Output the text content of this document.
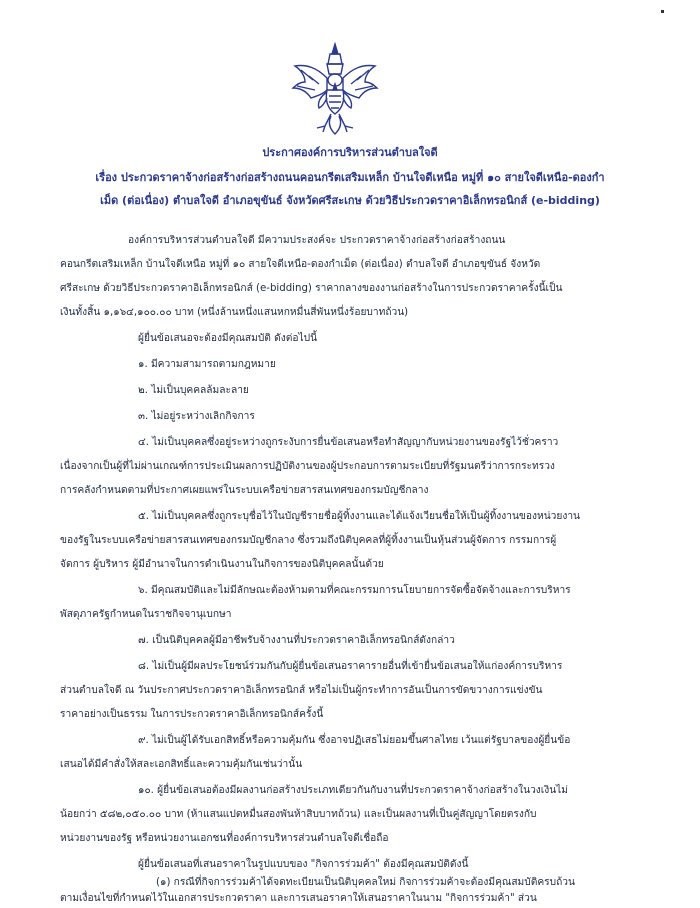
ประกาศองค์การบริหารส่วนตำบลใจดี
เรื่อง ประกวดราคาจ้างก่อสร้างก่อสร้างถนนคอนกรีตเสริมเหล็ก บ้านใจดีเหนือ หมู่ที่ ๑๐ สายใจดีเหนือ-ดองกำ
เม็ด (ต่อเนื่อง) ตำบลใจดี อำเภอขุขันธ์ จังหวัดศรีสะเกษ ด้วยวิธีประกวดราคาอิเล็กทรอนิกส์ (e-bidding)
องค์การบริหารส่วนตำบลใจดี มีความประสงค์จะ ประกวดราคาจ้างก่อสร้างก่อสร้างถนน
คอนกรีตเสริมเหล็ก บ้านใจดีเหนือ หมู่ที่ ๑๐ สายใจดีเหนือ-ดองกำเม็ด (ต่อเนื่อง) ตำบลใจดี อำเภอขุขันธ์ จังหวัด
ศรีสะเกษ ด้วยวิธีประกวดราคาอิเล็กทรอนิกส์ (e-bidding) ราคากลางของงานก่อสร้างในการประกวดราคาครั้งนี้เป็น
เงินทั้งสิ้น ๑,๑๖๔,๑๐๐.๐๐ บาท (หนึ่งล้านหนึ่งแสนหกหมื่นสี่พันหนึ่งร้อยบาทถ้วน)
ผู้ยื่นข้อเสนอจะต้องมีคุณสมบัติ ดังต่อไปนี้
๑. มีความสามารถตามกฎหมาย
๒. ไม่เป็นบุคคลล้มละลาย
๓. ไม่อยู่ระหว่างเลิกกิจการ
๔. ไม่เป็นบุคคลซึ่งอยู่ระหว่างถูกระงับการยื่นข้อเสนอหรือทำสัญญากับหน่วยงานของรัฐไว้ชั่วคราว
เนื่องจากเป็นผู้ที่ไม่ผ่านเกณฑ์การประเมินผลการปฏิบัติงานของผู้ประกอบการตามระเบียบที่รัฐมนตรีว่าการกระทรวง
การคลังกำหนดตามที่ประกาศเผยแพร่ในระบบเครือข่ายสารสนเทศของกรมบัญชีกลาง
๕. ไม่เป็นบุคคลซึ่งถูกระบุชื่อไว้ในบัญชีรายชื่อผู้ทิ้งงานและได้แจ้งเวียนชื่อให้เป็นผู้ทิ้งงานของหน่วยงาน
ของรัฐในระบบเครือข่ายสารสนเทศของกรมบัญชีกลาง ซึ่งรวมถึงนิติบุคคลที่ผู้ทิ้งงานเป็นหุ้นส่วนผู้จัดการ กรรมการผู้
จัดการ ผู้บริหาร ผู้มีอำนาจในการดำเนินงานในกิจการของนิติบุคคลนั้นด้วย
๖. มีคุณสมบัติและไม่มีลักษณะต้องห้ามตามที่คณะกรรมการนโยบายการจัดซื้อจัดจ้างและการบริหาร
พัสดุภาครัฐกำหนดในราชกิจจานุเบกษา
๗. เป็นนิติบุคคลผู้มีอาชีพรับจ้างงานที่ประกวดราคาอิเล็กทรอนิกส์ดังกล่าว
๘. ไม่เป็นผู้มีผลประโยชน์ร่วมกันกับผู้ยื่นข้อเสนอราคารายอื่นที่เข้ายื่นข้อเสนอให้แก่องค์การบริหาร
ส่วนตำบลใจดี ณ วันประกาศประกวดราคาอิเล็กทรอนิกส์ หรือไม่เป็นผู้กระทำการอันเป็นการขัดขวางการแข่งขัน
ราคาอย่างเป็นธรรม ในการประกวดราคาอิเล็กทรอนิกส์ครั้งนี้
๙. ไม่เป็นผู้ได้รับเอกสิทธิ์หรือความคุ้มกัน ซึ่งอาจปฏิเสธไม่ยอมขึ้นศาลไทย เว้นแต่รัฐบาลของผู้ยื่นข้อ
เสนอได้มีคำสั่งให้สละเอกสิทธิ์และความคุ้มกันเช่นว่านั้น
๑๐. ผู้ยื่นข้อเสนอต้องมีผลงานก่อสร้างประเภทเดียวกันกับงานที่ประกวดราคาจ้างก่อสร้างในวงเงินไม่
น้อยกว่า ๕๘๒,๐๕๐.๐๐ บาท (ห้าแสนแปดหมื่นสองพันห้าสิบบาทถ้วน) และเป็นผลงานที่เป็นคู่สัญญาโดยตรงกับ
หน่วยงานของรัฐ หรือหน่วยงานเอกชนที่องค์การบริหารส่วนตำบลใจดีเชื่อถือ
ผู้ยื่นข้อเสนอที่เสนอราคาในรูปแบบของ "กิจการร่วมค้า" ต้องมีคุณสมบัติดังนี้
(๑) กรณีที่กิจการร่วมค้าได้จดทะเบียนเป็นนิติบุคคลใหม่ กิจการร่วมค้าจะต้องมีคุณสมบัติครบถ้วน
ตามเงื่อนไขที่กำหนดไว้ในเอกสารประกวดราคา และการเสนอราคาให้เสนอราคาในนาม "กิจการร่วมค้า" ส่วน
